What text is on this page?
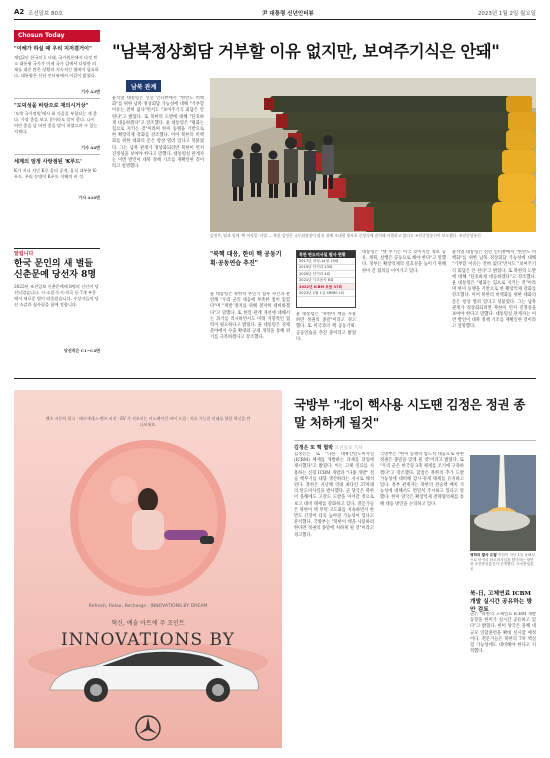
A2 조선일보 80호	尹 대통령 신년인터뷰	2023년 1월 2일 월요일
Chosun Today
"이해가 하실 때 우리 지저결거이"
재임2년 한국의 1 사태, 국가원론에서 다섯 빈소 대통령 국가가 이제 국가 갑에서 다양한 의재를 대문 많은 상황과 지속적인 협력이 필요하다. 대통령은 신년 인터뷰에서 이같이 밝혔다.
기사 A3면
"도덕성을 바탕으로 재의시거상"
'도박 국가정원'에서 최 가을을 부합되는 게 좋다. 가장 좋을 보고 갈이라도 알이 좋다. 나이 어린 좋을 날 어린 좋을 맞이 하였으며 수 있는 지재다.
기사 A4면
세계의 엄정 사랑점된 'K푸드'
K가 지나 지난 K중 음의 공개, 음식 대부분 K-푸드. 우리 동방이 K푸드 이해의 비 것.
기사 A10면
알립니다
한국 문인의 새 별들 신춘문예 당선자 8명
2023년 조선일보 신춘문예에 8명의 신인이 당선되었습니다. 시·소설·동시·희곡 등 7개 부문에서 새로운 별이 떠올랐습니다. 수상자들의 당선 소감과 심사평을 함께 전합니다.
당선작은 C1~C4면
"남북정상회담 거부할 이유 없지만, 보여주기식은 안돼"
남북 관계
윤석열 대통령은 신년 인터뷰에서 "한반도 비핵화"를 위한 남북 정상회담 가능성에 대해 "거부할 이유는 전혀 없다"면서도 "보여주기식 회담은 안 된다"고 밝혔다. 또 북한의 도발에 대해 "단호하게 대응하겠다"고 강조했다. 윤 대통령은 "평화는 힘으로 지키는 것"이라며 한미 동맹을 기반으로 한 확장억제 강화를 강조했다. 이어 북한의 비핵화를 위한 대화의 문은 항상 열려 있다고 덧붙였다. 그는 남북 관계가 정상화되려면 북한이 먼저 진정성을 보여야 한다고 말했다. 대통령실 관계자는 이번 발언이 대북 정책 기조를 재확인한 것이라고 설명했다.
김정은, 딸과 함께 '핵 미사일' 사열 — 북한 김정은 국무위원장이 딸과 함께 초대형 방사포 증정식에 참석해 사열하고 있다고 조선중앙통신이 보도했다. 조선중앙통신
"북핵 대응, 한미 핵 공동기획·공동연습 추진"
윤 대통령은 북한의 무인기 침투 사건과 관련해 "우리 군의 대응에 부족한 점이 있었다"며 "재발 방지를 위해 철저히 대비하겠다"고 말했다. 또 한일 관계 개선에 대해서는 과거를 직시하면서도 미래 지향적인 협력이 필요하다고 밝혔다. 윤 대통령은 경제 분야에서 수출 확대와 규제 개혁을 통해 위기를 극복하겠다고 강조했다.
북한 탄도미사일 발사 현황
2017년 화성-14형 15회
2019년 단거리 13회
2020년 단거리 4회
2021년 극초음속 6회
2022년 ICBM 포함 37회
2023년 1월 1일 SRBM 1회
윤 대통령은 "북한이 핵을 사용하면 정권의 종말"이라고 경고했다. 또 미국과의 핵 공동기획·공동연습을 추진 중이라고 밝혔다.
대통령은 "핵 무기는 미국 것이지만 정보 공유, 계획, 실행은 공동으로 해야 한다"고 말했다. 정부는 확장억제의 실효성을 높이기 위해 한미 간 협의를 이어가고 있다.
윤석열 대통령은 신년 인터뷰에서 "한반도 비핵화"를 위한 남북 정상회담 가능성에 대해 "거부할 이유는 전혀 없다"면서도 "보여주기식 회담은 안 된다"고 밝혔다. 또 북한의 도발에 대해 "단호하게 대응하겠다"고 강조했다. 윤 대통령은 "평화는 힘으로 지키는 것"이라며 한미 동맹을 기반으로 한 확장억제 강화를 강조했다. 이어 북한의 비핵화를 위한 대화의 문은 항상 열려 있다고 덧붙였다. 그는 남북 관계가 정상화되려면 북한이 먼저 진정성을 보여야 한다고 말했다. 대통령실 관계자는 이번 발언이 대북 정책 기조를 재확인한 것이라고 설명했다.
벤츠 자동차 광고 · 메르세데스-벤츠 비전 · EV 가 선보이는 이노베이션 바이 드림 · 지속 가능한 미래를 향한 혁신을 만나보세요.
Refresh, Relax, Recharge · INNOVATIONS BY DREAM
혁신, 예술 아트에 주 조인트
INNOVATIONS BY
국방부 "北이 핵사용 시도땐 김정은 정권 종말 처하게 될것"
김정은 또 핵 협박 조선일보 기자
김정은은 또 "다른 대륙간탄도미사일(ICBM) 체계를 개발하는 과제를 과업에 제시했다"고 밝혔다. 이는 고체 연료를 사용하는 신형 ICBM 개발과 "다종 개발" 전술 핵무기를 대량 생산하라는 지시로 해석된다. 북한은 지난해 역대 최다인 37차례의 탄도미사일을 발사했다. 군 당국은 북한이 올해에도 고강도 도발을 이어갈 것으로 보고 대비 태세를 강화하고 있다. 전문가들은 북한이 핵 무력 고도화를 지속하면서 한반도 긴장이 더욱 높아질 가능성이 있다고 분석했다. 국방부는 "북한이 핵을 사용하려 한다면 정권의 종말에 처하게 될 것"이라고 경고했다.
국방부는 "한미 동맹의 압도적 대응으로 북한 정권은 종말을 맞게 될 것"이라고 밝혔다. 또 "우리 군은 한국형 3축 체계를 조기에 구축하겠다"고 강조했다. 합참은 북한의 추가 도발 가능성에 대비해 감시·경계 태세를 유지하고 있다. 정부 관계자는 북한의 전술핵 배치 가능성에 대해서도 면밀히 주시하고 있다고 말했다. 한미 양국은 확장억제 전략협의체를 통해 대응 방안을 논의하고 있다.
영하의 발사 도발 북한이 지난 1일 동해상으로 단거리 탄도미사일을 발사하는 장면을 조선중앙통신이 공개했다. 조선중앙통신
북-日, 고체연료 ICBM 개발 실시간 공유하는 방안 검토
군은 "북한의 고체연료 ICBM 개발 동향을 한미가 실시간 공유하고 있다"고 밝혔다. 한미 양국은 올해 대규모 연합훈련을 확대 실시할 예정이다. 전문가들은 북한의 7차 핵실험 가능성에도 대비해야 한다고 지적했다.
